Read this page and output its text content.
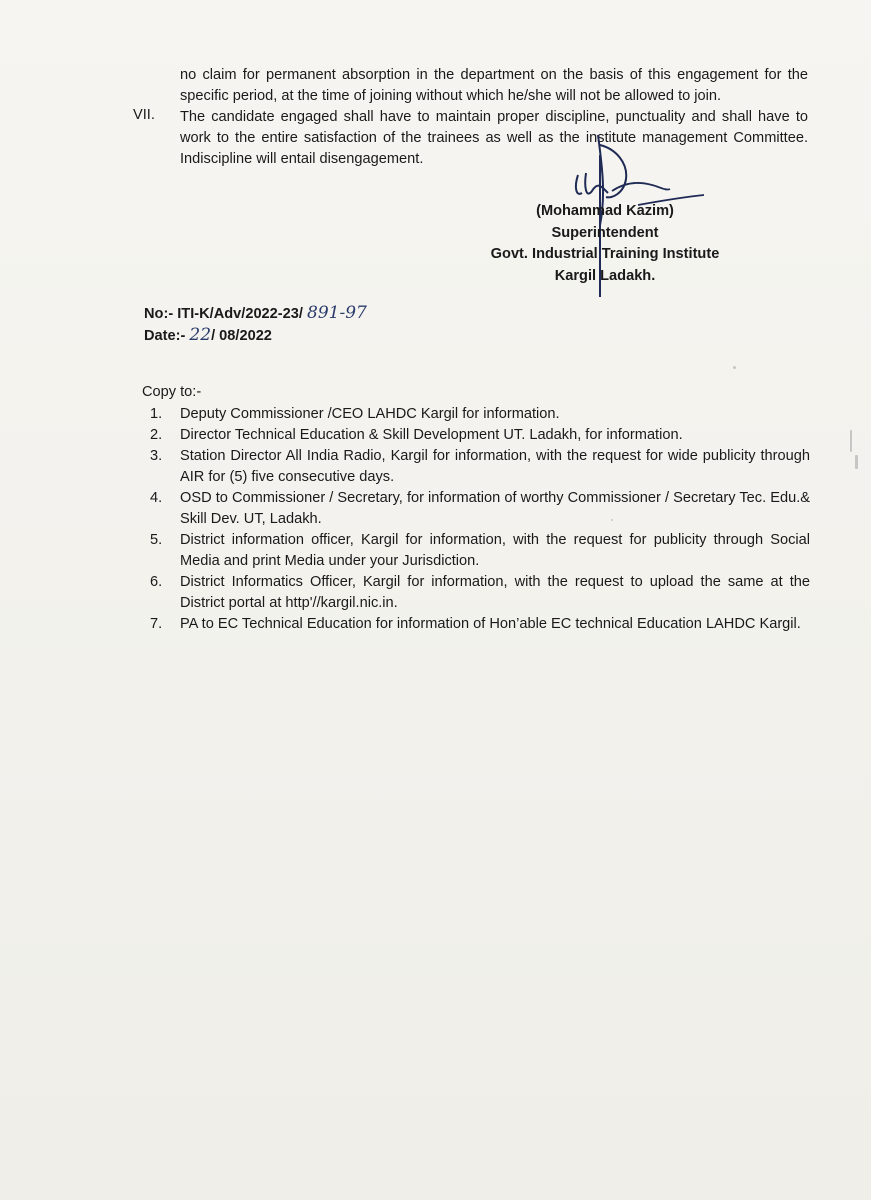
no claim for permanent absorption in the department on the basis of this engagement for the specific period, at the time of joining without which he/she will not be allowed to join.
VII. The candidate engaged shall have to maintain proper discipline, punctuality and shall have to work to the entire satisfaction of the trainees as well as the institute management Committee. Indiscipline will entail disengagement.
(Mohammad Kazim)
Superintendent
Govt. Industrial Training Institute
Kargil Ladakh.
No:- ITI-K/Adv/2022-23/ 891-97
Date:- 22/ 08/2022
Copy to:-
1.	Deputy Commissioner /CEO LAHDC Kargil for information.
2.	Director Technical Education & Skill Development UT. Ladakh, for information.
3.	Station Director All India Radio, Kargil for information, with the request for wide publicity through AIR for (5) five consecutive days.
4.	OSD to Commissioner / Secretary, for information of worthy Commissioner / Secretary Tec. Edu.& Skill Dev. UT, Ladakh.
5.	District information officer, Kargil for information, with the request for publicity through Social Media and print Media under your Jurisdiction.
6.	District Informatics Officer, Kargil for information, with the request to upload the same at the District portal at http'//kargil.nic.in.
7.	PA to EC Technical Education for information of Hon’able EC technical Education LAHDC Kargil.
